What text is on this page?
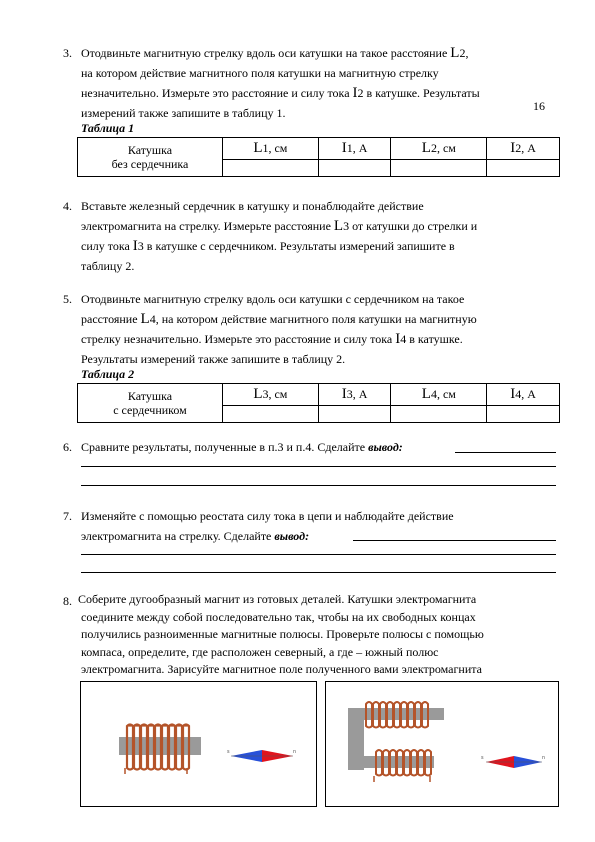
16
3. Отодвиньте магнитную стрелку вдоль оси катушки на такое расстояние L2,
на котором действие магнитного поля катушки на магнитную стрелку
незначительно. Измерьте это расстояние и силу тока I2 в катушке. Результаты
измерений также запишите в таблицу 1.
Таблица 1
Катушка
без сердечника	L1, см	I1, А	L2, см	I2, А

4. Вставьте железный сердечник в катушку и понаблюдайте действие
электромагнита на стрелку. Измерьте расстояние L3 от катушки до стрелки и
силу тока I3 в катушке с сердечником. Результаты измерений запишите в
таблицу 2.
5. Отодвиньте магнитную стрелку вдоль оси катушки с сердечником на такое
расстояние L4, на котором действие магнитного поля катушки на магнитную
стрелку незначительно. Измерьте это расстояние и силу тока I4 в катушке.
Результаты измерений также запишите в таблицу 2.
Таблица 2
Катушка
с сердечником	L3, см	I3, А	L4, см	I4, А

6. Сравните результаты, полученные в п.3 и п.4. Сделайте вывод:
7. Изменяйте с помощью реостата силу тока в цепи и наблюдайте действие
электромагнита на стрелку. Сделайте вывод:
8. Соберите дугообразный магнит из готовых деталей. Катушки электромагнита
соедините между собой последовательно так, чтобы на их свободных концах
получились разноименные магнитные полюсы. Проверьте полюсы с помощью
компаса, определите, где расположен северный, а где – южный полюс
электромагнита. Зарисуйте магнитное поле полученного вами электромагнита
s	n
s	n
